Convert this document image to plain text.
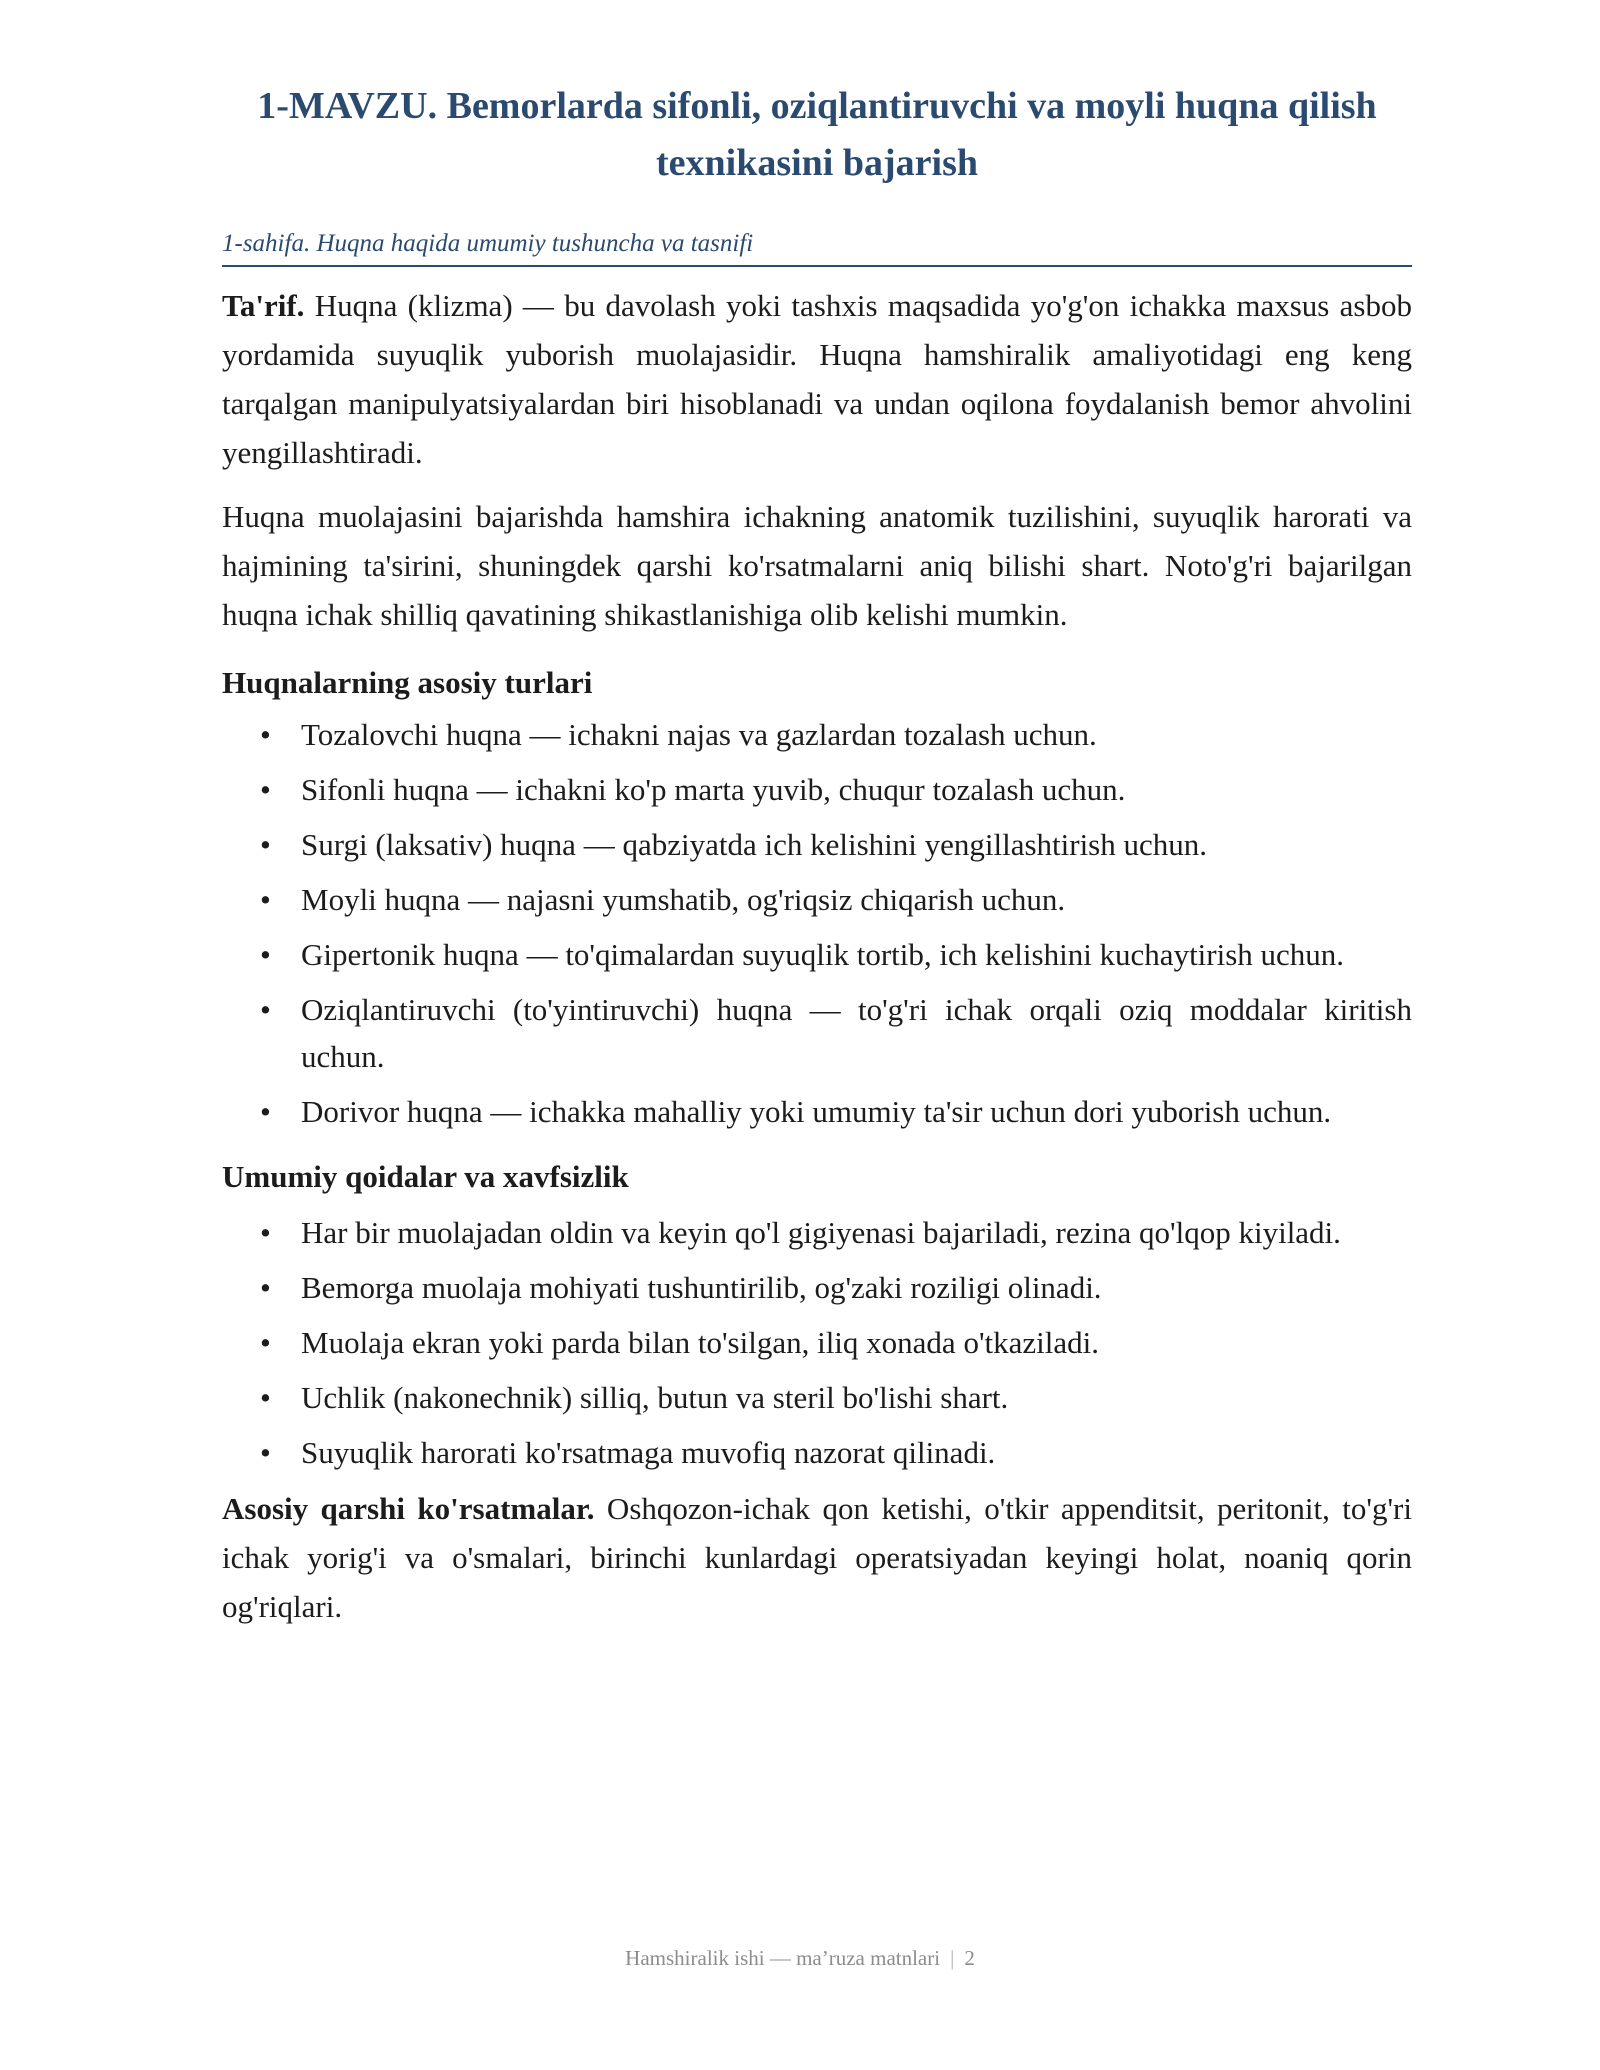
1-MAVZU. Bemorlarda sifonli, oziqlantiruvchi va moyli huqna qilish texnikasini bajarish
1-sahifa. Huqna haqida umumiy tushuncha va tasnifi

Ta'rif. Huqna (klizma) — bu davolash yoki tashxis maqsadida yo'g'on ichakka maxsus asbob yordamida suyuqlik yuborish muolajasidir. Huqna hamshiralik amaliyotidagi eng keng tarqalgan manipulyatsiyalardan biri hisoblanadi va undan oqilona foydalanish bemor ahvolini yengillashtiradi.

Huqna muolajasini bajarishda hamshira ichakning anatomik tuzilishini, suyuqlik harorati va hajmining ta'sirini, shuningdek qarshi ko'rsatmalarni aniq bilishi shart. Noto'g'ri bajarilgan huqna ichak shilliq qavatining shikastlanishiga olib kelishi mumkin.

Huqnalarning asosiy turlari
• Tozalovchi huqna — ichakni najas va gazlardan tozalash uchun.
• Sifonli huqna — ichakni ko'p marta yuvib, chuqur tozalash uchun.
• Surgi (laksativ) huqna — qabziyatda ich kelishini yengillashtirish uchun.
• Moyli huqna — najasni yumshatib, og'riqsiz chiqarish uchun.
• Gipertonik huqna — to'qimalardan suyuqlik tortib, ich kelishini kuchaytirish uchun.
• Oziqlantiruvchi (to'yintiruvchi) huqna — to'g'ri ichak orqali oziq moddalar kiritish uchun.
• Dorivor huqna — ichakka mahalliy yoki umumiy ta'sir uchun dori yuborish uchun.
Umumiy qoidalar va xavfsizlik
• Har bir muolajadan oldin va keyin qo'l gigiyenasi bajariladi, rezina qo'lqop kiyiladi.
• Bemorga muolaja mohiyati tushuntirilib, og'zaki roziligi olinadi.
• Muolaja ekran yoki parda bilan to'silgan, iliq xonada o'tkaziladi.
• Uchlik (nakonechnik) silliq, butun va steril bo'lishi shart.
• Suyuqlik harorati ko'rsatmaga muvofiq nazorat qilinadi.

Asosiy qarshi ko'rsatmalar. Oshqozon-ichak qon ketishi, o'tkir appenditsit, peritonit, to'g'ri ichak yorig'i va o'smalari, birinchi kunlardagi operatsiyadan keyingi holat, noaniq qorin og'riqlari.

Hamshiralik ishi — ma’ruza matnlari | 2
